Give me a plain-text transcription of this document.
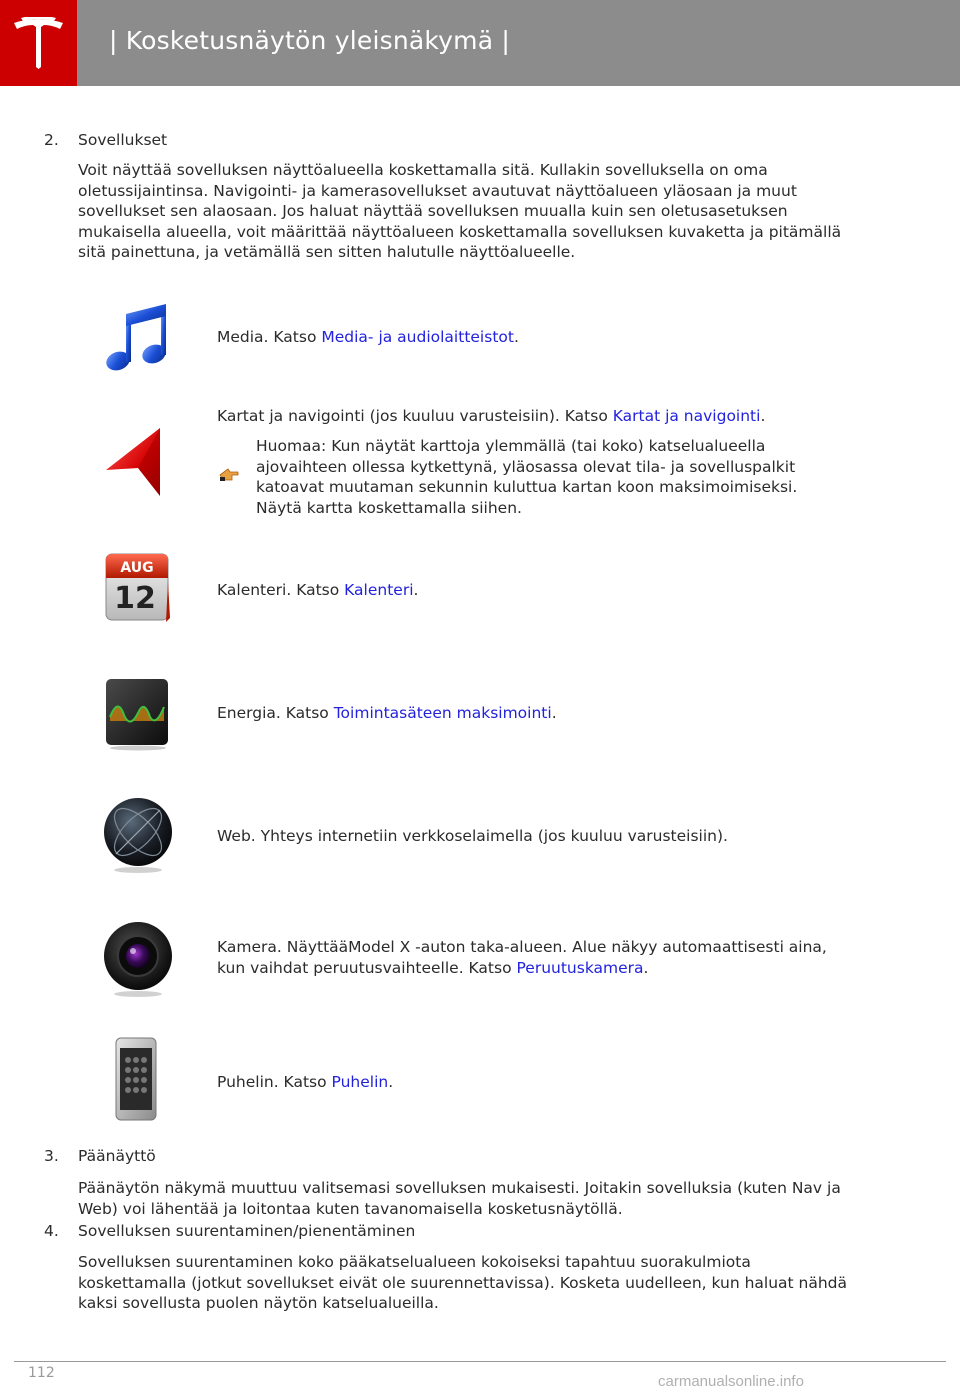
| Kosketusnäytön yleisnäkymä |
2. Sovellukset
Voit näyttää sovelluksen näyttöalueella koskettamalla sitä. Kullakin sovelluksella on oma oletussijaintinsa. Navigointi- ja kamerasovellukset avautuvat näyttöalueen yläosaan ja muut sovellukset sen alaosaan. Jos haluat näyttää sovelluksen muualla kuin sen oletusasetuksen mukaisella alueella, voit määrittää näyttöalueen koskettamalla sovelluksen kuvaketta ja pitämällä sitä painettuna, ja vetämällä sen sitten halutulle näyttöalueelle.
Media. Katso Media- ja audiolaitteistot.
Kartat ja navigointi (jos kuuluu varusteisiin). Katso Kartat ja navigointi.
Huomaa: Kun näytät karttoja ylemmällä (tai koko) katselualueella ajovaihteen ollessa kytkettynä, yläosassa olevat tila- ja sovelluspalkit katoavat muutaman sekunnin kuluttua kartan koon maksimoimiseksi. Näytä kartta koskettamalla siihen.
AUG
12	Kalenteri. Katso Kalenteri.
Energia. Katso Toimintasäteen maksimointi.
Web. Yhteys internetiin verkkoselaimella (jos kuuluu varusteisiin).
Kamera. NäyttääModel X -auton taka-alueen. Alue näkyy automaattisesti aina, kun vaihdat peruutusvaihteelle. Katso Peruutuskamera.
Puhelin. Katso Puhelin.
3. Päänäyttö
Päänäytön näkymä muuttuu valitsemasi sovelluksen mukaisesti. Joitakin sovelluksia (kuten Nav ja Web) voi lähentää ja loitontaa kuten tavanomaisella kosketusnäytöllä.
4. Sovelluksen suurentaminen/pienentäminen
Sovelluksen suurentaminen koko pääkatselualueen kokoiseksi tapahtuu suorakulmiota koskettamalla (jotkut sovellukset eivät ole suurennettavissa). Kosketa uudelleen, kun haluat nähdä kaksi sovellusta puolen näytön katselualueilla.
112	carmanualsonline.info
